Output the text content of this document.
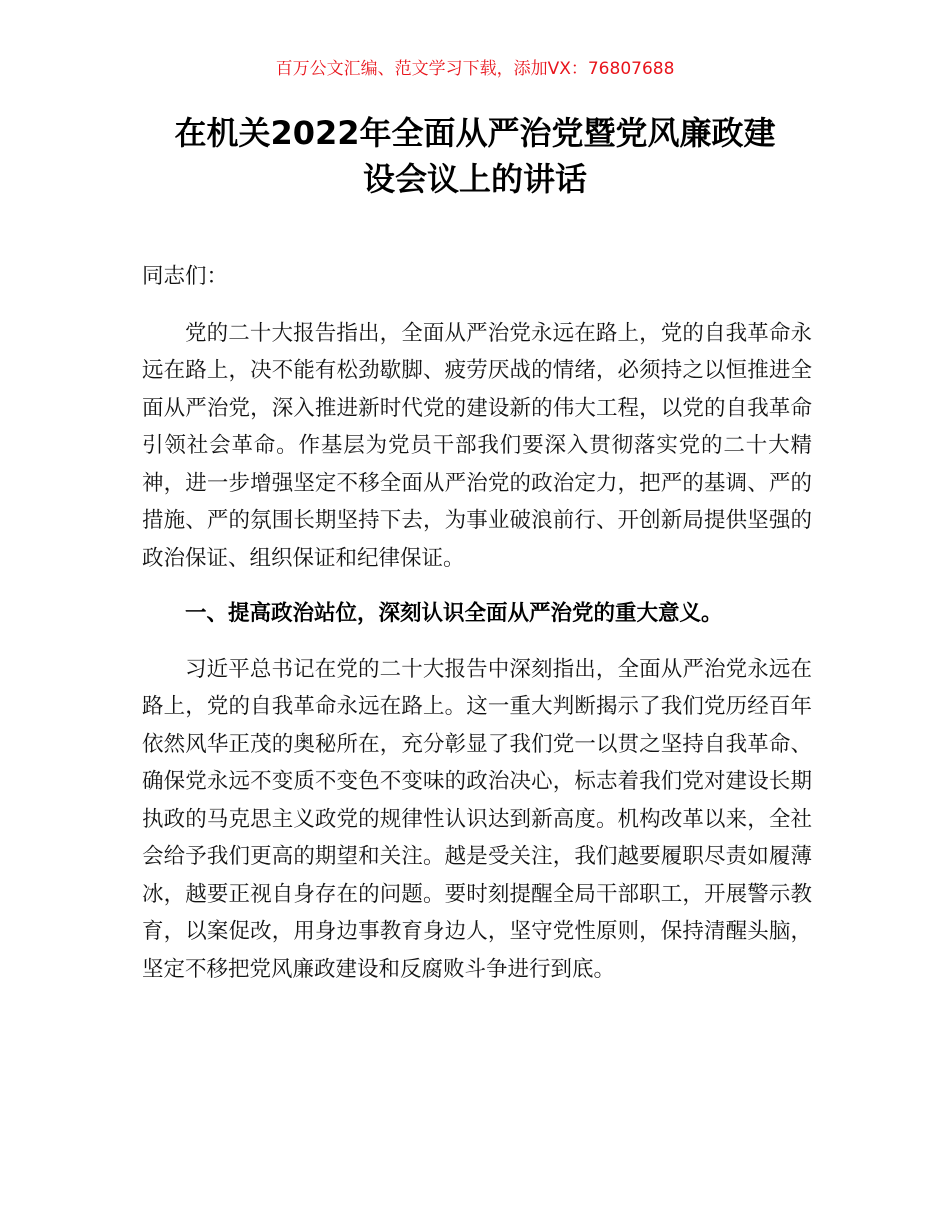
百万公文汇编、范文学习下载，添加VX：76807688
在机关2022年全面从严治党暨党风廉政建
设会议上的讲话

同志们：

党的二十大报告指出，全面从严治党永远在路上，党的自我革命永远在路上，决不能有松劲歇脚、疲劳厌战的情绪，必须持之以恒推进全面从严治党，深入推进新时代党的建设新的伟大工程，以党的自我革命引领社会革命。作基层为党员干部我们要深入贯彻落实党的二十大精神，进一步增强坚定不移全面从严治党的政治定力，把严的基调、严的措施、严的氛围长期坚持下去，为事业破浪前行、开创新局提供坚强的政治保证、组织保证和纪律保证。

一、提高政治站位，深刻认识全面从严治党的重大意义。

习近平总书记在党的二十大报告中深刻指出，全面从严治党永远在路上，党的自我革命永远在路上。这一重大判断揭示了我们党历经百年依然风华正茂的奥秘所在，充分彰显了我们党一以贯之坚持自我革命、确保党永远不变质不变色不变味的政治决心，标志着我们党对建设长期执政的马克思主义政党的规律性认识达到新高度。机构改革以来，全社会给予我们更高的期望和关注。越是受关注，我们越要履职尽责如履薄冰，越要正视自身存在的问题。要时刻提醒全局干部职工，开展警示教育，以案促改，用身边事教育身边人，坚守党性原则，保持清醒头脑，坚定不移把党风廉政建设和反腐败斗争进行到底。
